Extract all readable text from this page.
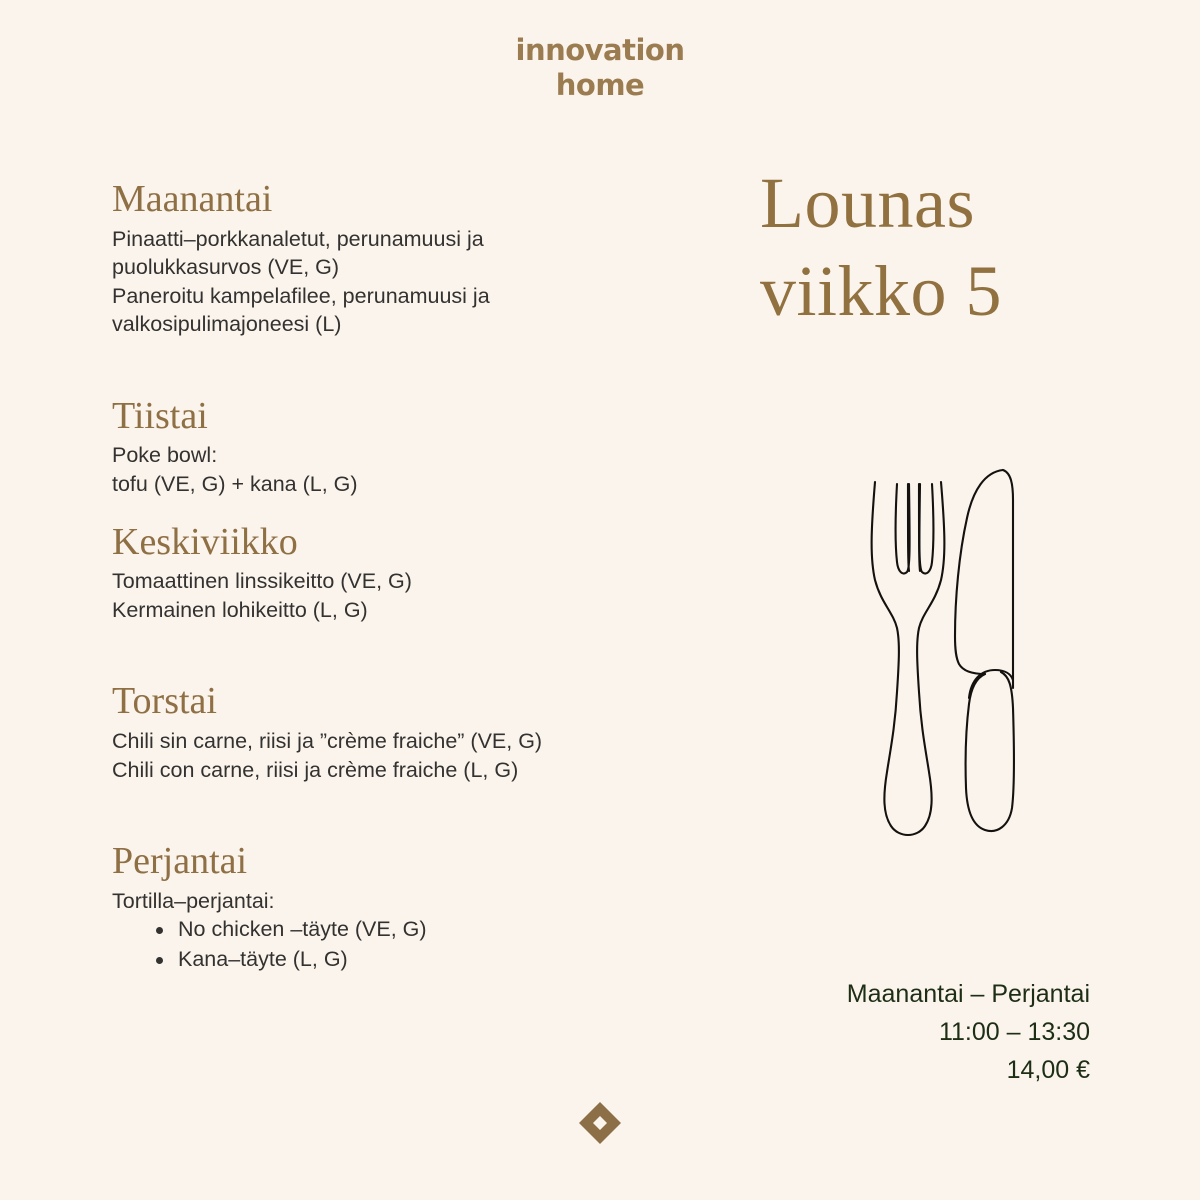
innovation
home
Maanantai
Pinaatti–porkkanaletut, perunamuusi ja
puolukkasurvos (VE, G)
Paneroitu kampelafilee, perunamuusi ja
valkosipulimajoneesi (L)
Tiistai
Poke bowl:
tofu (VE, G) + kana (L, G)
Keskiviikko
Tomaattinen linssikeitto (VE, G)
Kermainen lohikeitto (L, G)
Torstai
Chili sin carne, riisi ja ”crème fraiche” (VE, G)
Chili con carne, riisi ja crème fraiche (L, G)
Perjantai
Tortilla–perjantai:
No chicken –täyte (VE, G)
Kana–täyte (L, G)
Lounas
viikko 5
Maanantai – Perjantai
11:00 – 13:30
14,00 €
